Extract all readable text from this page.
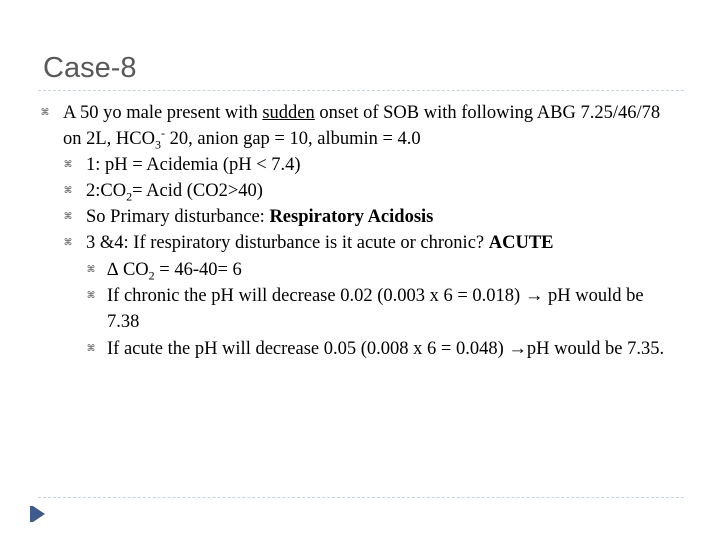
Case-8
⌘ A 50 yo male present with sudden onset of SOB with following ABG 7.25/46/78 on 2L, $HCO_3^-$ 20, anion gap = 10, albumin = 4.0
⌘ 1: pH = Acidemia (pH < 7.4)
⌘ $2:CO_2=$ Acid (CO2>40)
⌘ So Primary disturbance: Respiratory Acidosis
⌘ 3 &4: If respiratory disturbance is it acute or chronic? ACUTE
⌘ ∆ $CO_2 = 46-40= 6$
⌘ If chronic the pH will decrease 0.02 (0.003 x 6 = 0.018) → pH would be 7.38
⌘ If acute the pH will decrease 0.05 (0.008 x 6 = 0.048) →pH would be 7.35.
